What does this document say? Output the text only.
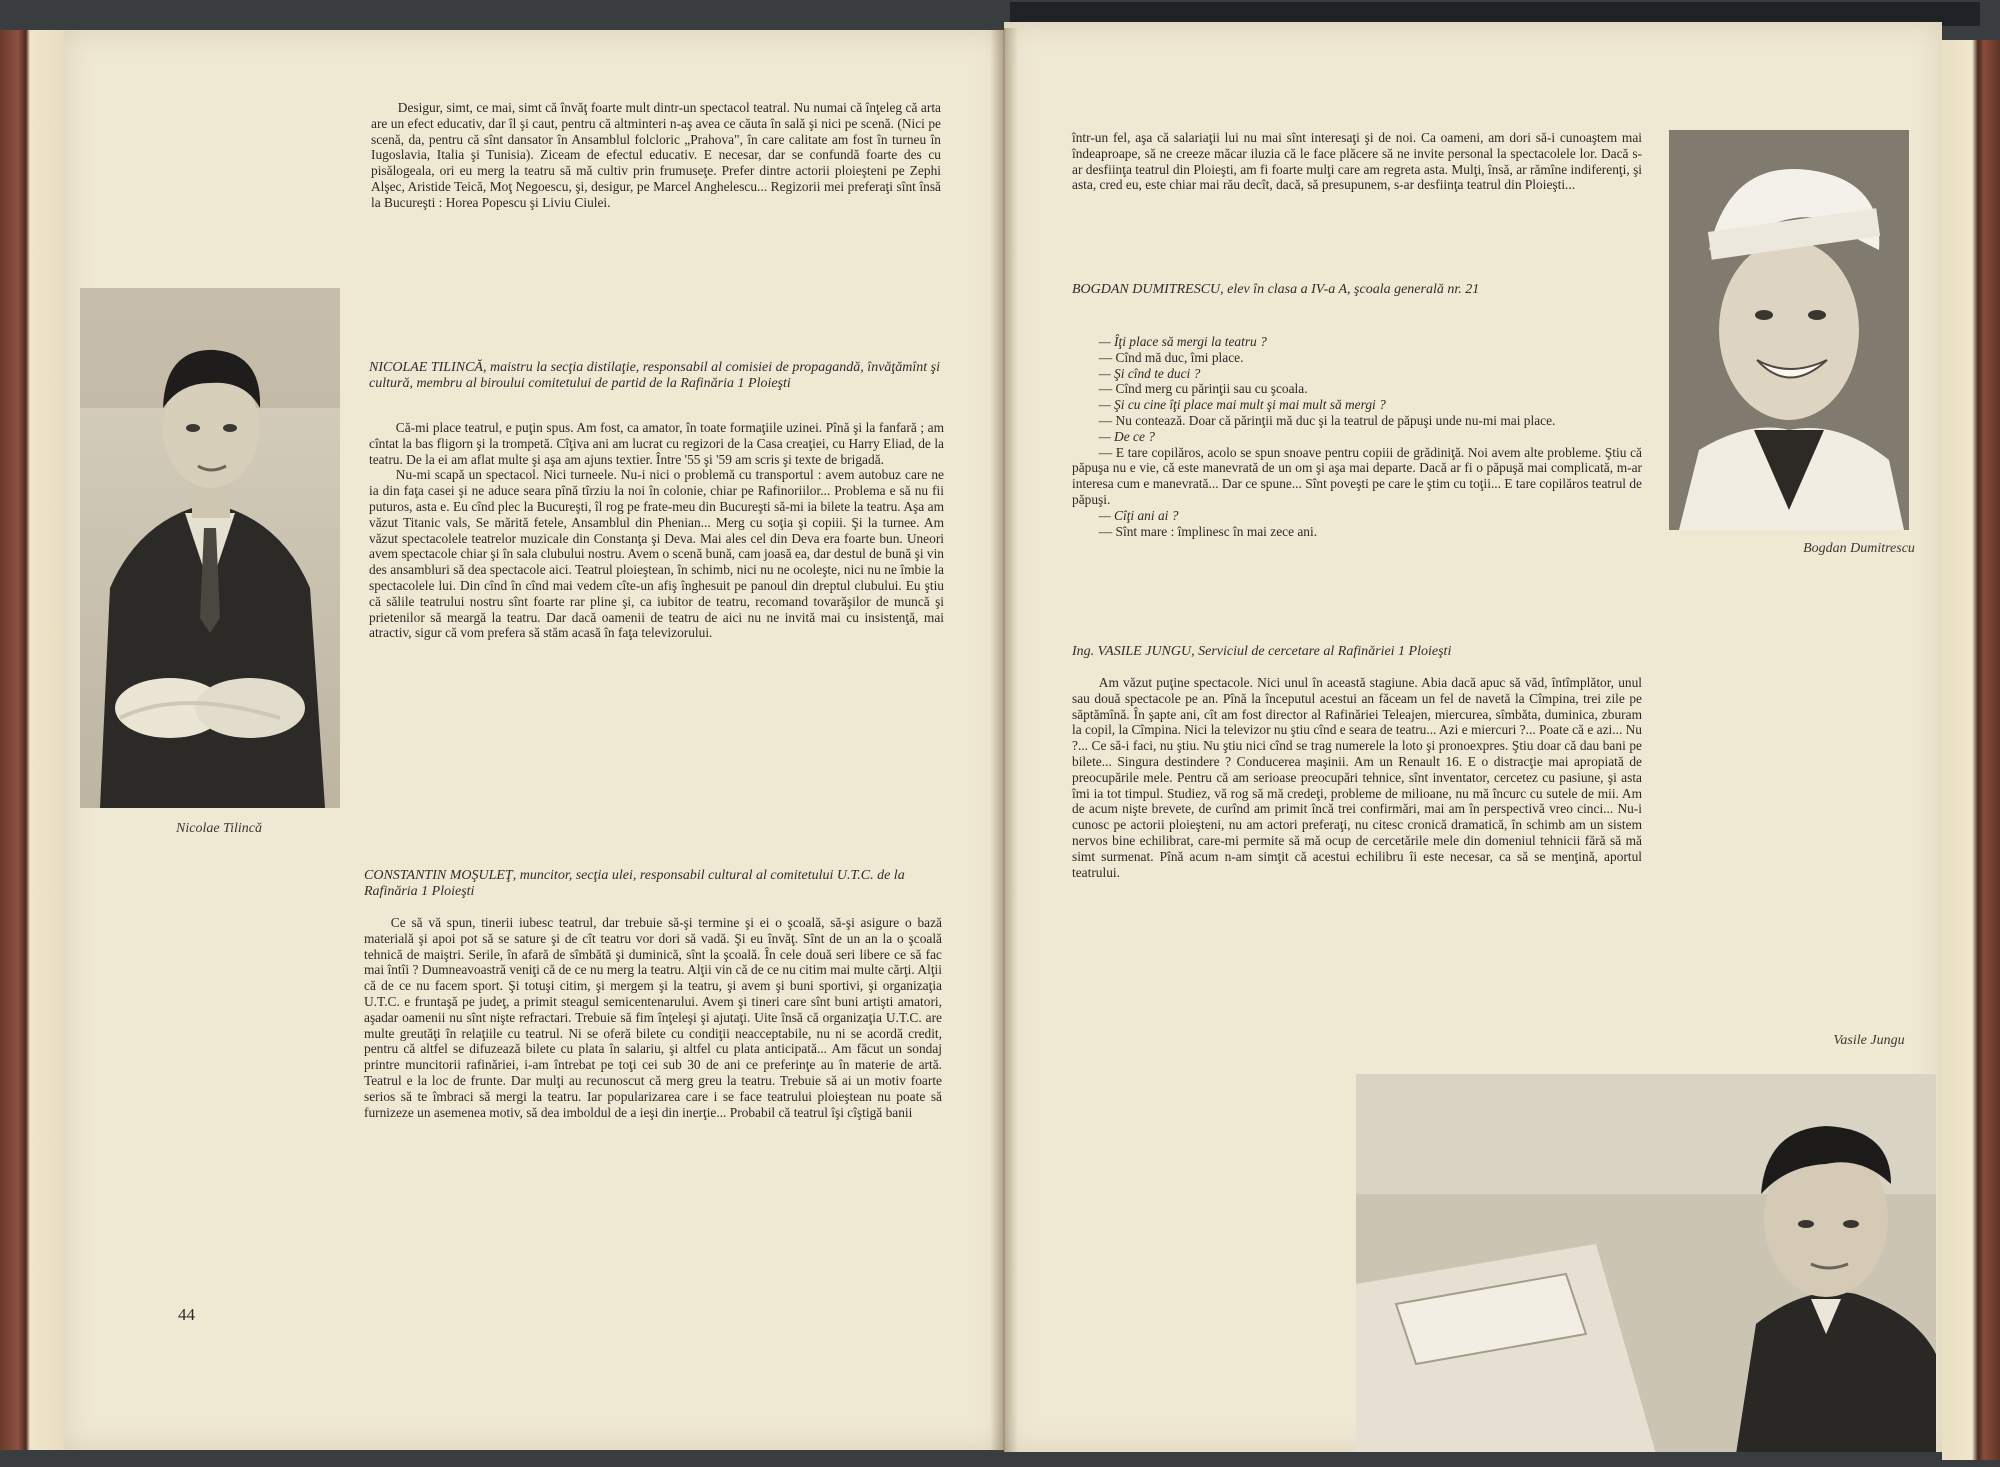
Desigur, simt, ce mai, simt că învăţ foarte mult dintr-un spectacol teatral. Nu numai că înţeleg că arta are un efect educativ, dar îl şi caut, pentru că altminteri n-aş avea ce căuta în sală şi nici pe scenă. (Nici pe scenă, da, pentru că sînt dansator în Ansamblul folcloric „Prahova", în care calitate am fost în turneu în Iugoslavia, Italia şi Tunisia). Ziceam de efectul educativ. E necesar, dar se confundă foarte des cu pisălogeala, ori eu merg la teatru să mă cultiv prin frumuseţe. Prefer dintre actorii ploieşteni pe Zephi Alşec, Aristide Teică, Moţ Negoescu, şi, desigur, pe Marcel Anghelescu... Regizorii mei preferaţi sînt însă la Bucureşti : Horea Popescu şi Liviu Ciulei.

Nicolae Tilincă
NICOLAE TILINCĂ, maistru la secţia distilaţie, responsabil al comisiei de propagandă, învăţămînt şi cultură, membru al biroului comitetului de partid de la Rafinăria 1 Ploieşti

Că-mi place teatrul, e puţin spus. Am fost, ca amator, în toate formaţiile uzinei. Pînă şi la fanfară ; am cîntat la bas fligorn şi la trompetă. Cîţiva ani am lucrat cu regizori de la Casa creaţiei, cu Harry Eliad, de la teatru. De la ei am aflat multe şi aşa am ajuns textier. Între '55 şi '59 am scris şi texte de brigadă.

Nu-mi scapă un spectacol. Nici turneele. Nu-i nici o problemă cu transportul : avem autobuz care ne ia din faţa casei şi ne aduce seara pînă tîrziu la noi în colonie, chiar pe Rafinoriilor... Problema e să nu fii puturos, asta e. Eu cînd plec la Bucureşti, îl rog pe frate-meu din Bucureşti să-mi ia bilete la teatru. Aşa am văzut Titanic vals, Se mărită fetele, Ansamblul din Phenian... Merg cu soţia şi copiii. Şi la turnee. Am văzut spectacolele teatrelor muzicale din Constanţa şi Deva. Mai ales cel din Deva era foarte bun. Uneori avem spectacole chiar şi în sala clubului nostru. Avem o scenă bună, cam joasă ea, dar destul de bună şi vin des ansambluri să dea spectacole aici. Teatrul ploieştean, în schimb, nici nu ne ocoleşte, nici nu ne îmbie la spectacolele lui. Din cînd în cînd mai vedem cîte-un afiş înghesuit pe panoul din dreptul clubului. Eu ştiu că sălile teatrului nostru sînt foarte rar pline şi, ca iubitor de teatru, recomand tovarăşilor de muncă şi prietenilor să meargă la teatru. Dar dacă oamenii de teatru de aici nu ne invită mai cu insistenţă, mai atractiv, sigur că vom prefera să stăm acasă în faţa televizorului.

CONSTANTIN MOŞULEŢ, muncitor, secţia ulei, responsabil cultural al comitetului U.T.C. de la Rafinăria 1 Ploieşti

Ce să vă spun, tinerii iubesc teatrul, dar trebuie să-şi termine şi ei o şcoală, să-şi asigure o bază materială şi apoi pot să se sature şi de cît teatru vor dori să vadă. Şi eu învăţ. Sînt de un an la o şcoală tehnică de maiştri. Serile, în afară de sîmbătă şi duminică, sînt la şcoală. În cele două seri libere ce să fac mai întîi ? Dumneavoastră veniţi că de ce nu merg la teatru. Alţii vin că de ce nu citim mai multe cărţi. Alţii că de ce nu facem sport. Şi totuşi citim, şi mergem şi la teatru, şi avem şi buni sportivi, şi organizaţia U.T.C. e fruntaşă pe judeţ, a primit steagul semicentenarului. Avem şi tineri care sînt buni artişti amatori, aşadar oamenii nu sînt nişte refractari. Trebuie să fim înţeleşi şi ajutaţi. Uite însă că organizaţia U.T.C. are multe greutăţi în relaţiile cu teatrul. Ni se oferă bilete cu condiţii neacceptabile, nu ni se acordă credit, pentru că altfel se difuzează bilete cu plata în salariu, şi altfel cu plata anticipată... Am făcut un sondaj printre muncitorii rafinăriei, i-am întrebat pe toţi cei sub 30 de ani ce preferinţe au în materie de artă. Teatrul e la loc de frunte. Dar mulţi au recunoscut că merg greu la teatru. Trebuie să ai un motiv foarte serios să te îmbraci să mergi la teatru. Iar popularizarea care i se face teatrului ploieştean nu poate să furnizeze un asemenea motiv, să dea imboldul de a ieşi din inerţie... Probabil că teatrul îşi cîştigă banii

44

într-un fel, aşa că salariaţii lui nu mai sînt interesaţi şi de noi. Ca oameni, am dori să-i cunoaştem mai îndeaproape, să ne creeze măcar iluzia că le face plăcere să ne invite personal la spectacolele lor. Dacă s-ar desfiinţa teatrul din Ploieşti, am fi foarte mulţi care am regreta asta. Mulţi, însă, ar rămîne indiferenţi, şi asta, cred eu, este chiar mai rău decît, dacă, să presupunem, s-ar desfiinţa teatrul din Ploieşti...

Bogdan Dumitrescu
BOGDAN DUMITRESCU, elev în clasa a IV-a A, şcoala generală nr. 21

— Îţi place să mergi la teatru ?

— Cînd mă duc, îmi place.

— Şi cînd te duci ?

— Cînd merg cu părinţii sau cu şcoala.

— Şi cu cine îţi place mai mult şi mai mult să mergi ?

— Nu contează. Doar că părinţii mă duc şi la teatrul de păpuşi unde nu-mi mai place.

— De ce ?

— E tare copilăros, acolo se spun snoave pentru copiii de grădiniţă. Noi avem alte probleme. Ştiu că păpuşa nu e vie, că este manevrată de un om şi aşa mai departe. Dacă ar fi o păpuşă mai complicată, m-ar interesa cum e manevrată... Dar ce spune... Sînt poveşti pe care le ştim cu toţii... E tare copilăros teatrul de păpuşi.

— Cîţi ani ai ?

— Sînt mare : împlinesc în mai zece ani.

Ing. VASILE JUNGU, Serviciul de cercetare al Rafinăriei 1 Ploieşti

Am văzut puţine spectacole. Nici unul în această stagiune. Abia dacă apuc să văd, întîmplător, unul sau două spectacole pe an. Pînă la începutul acestui an făceam un fel de navetă la Cîmpina, trei zile pe săptămînă. În şapte ani, cît am fost director al Rafinăriei Teleajen, miercurea, sîmbăta, duminica, zburam la copil, la Cîmpina. Nici la televizor nu ştiu cînd e seara de teatru... Azi e miercuri ?... Poate că e azi... Nu ?... Ce să-i faci, nu ştiu. Nu ştiu nici cînd se trag numerele la loto şi pronoexpres. Ştiu doar că dau bani pe bilete... Singura destindere ? Conducerea maşinii. Am un Renault 16. E o distracţie mai apropiată de preocupările mele. Pentru că am serioase preocupări tehnice, sînt inventator, cercetez cu pasiune, şi asta îmi ia tot timpul. Studiez, vă rog să mă credeţi, probleme de milioane, nu mă încurc cu sutele de mii. Am de acum nişte brevete, de curînd am primit încă trei confirmări, mai am în perspectivă vreo cinci... Nu-i cunosc pe actorii ploieşteni, nu am actori preferaţi, nu citesc cronică dramatică, în schimb am un sistem nervos bine echilibrat, care-mi permite să mă ocup de cercetările mele din domeniul tehnicii fără să mă simt surmenat. Pînă acum n-am simţit că acestui echilibru îi este necesar, ca să se menţină, aportul teatrului.

Vasile Jungu
